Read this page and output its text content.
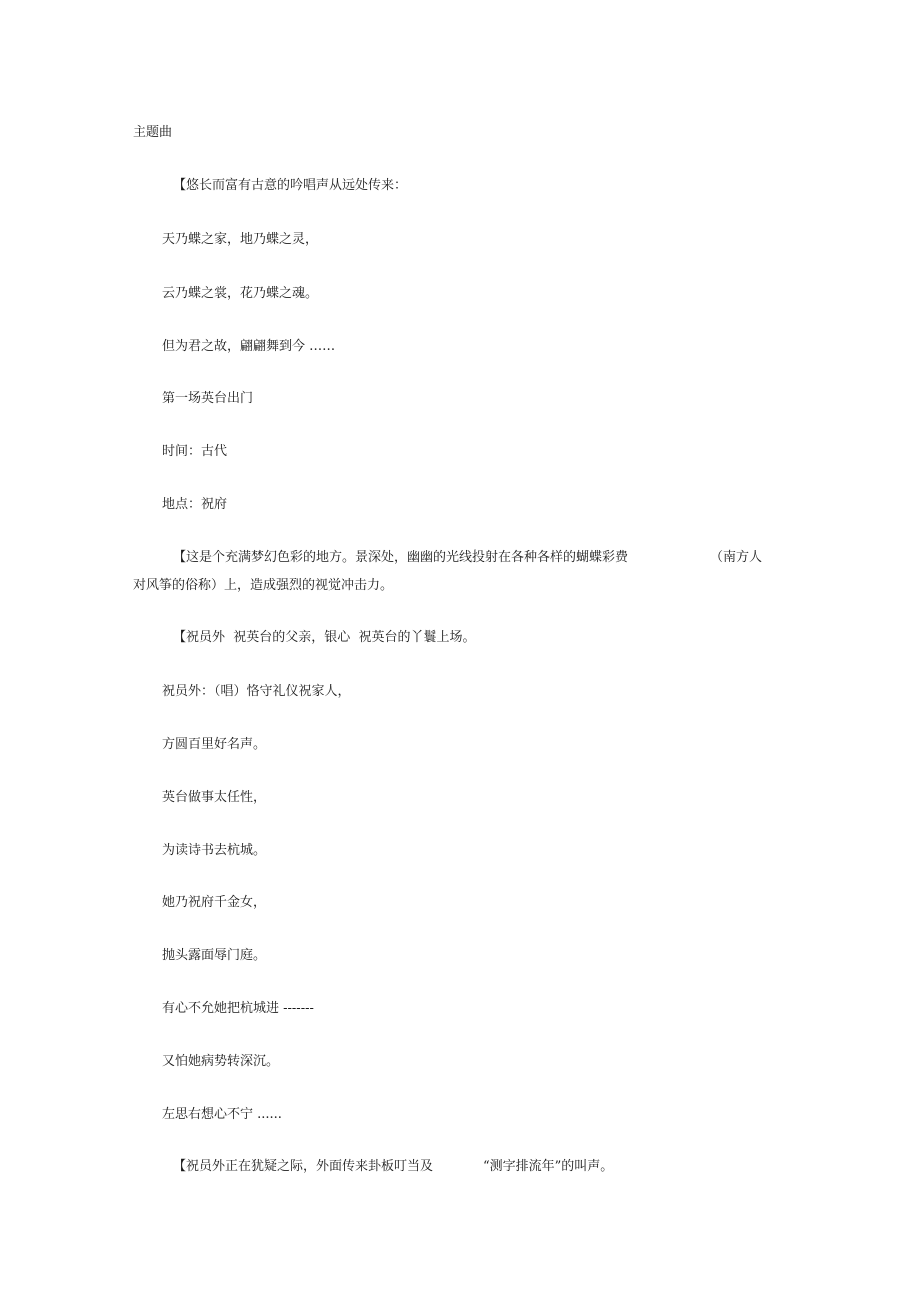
主题曲
【悠长而富有古意的吟唱声从远处传来：
天乃蝶之家，地乃蝶之灵，
云乃蝶之裳，花乃蝶之魂。
但为君之故，翩翩舞到今 ……
第一场英台出门
时间：古代
地点：祝府
【这是个充满梦幻色彩的地方。景深处，幽幽的光线投射在各种各样的蝴蝶彩费	（南方人对风筝的俗称）上，造成强烈的视觉冲击力。
【祝员外  祝英台的父亲，银心  祝英台的丫鬟上场。
祝员外：（唱）恪守礼仪祝家人，
方圆百里好名声。
英台做事太任性，
为读诗书去杭城。
她乃祝府千金女，
抛头露面辱门庭。
有心不允她把杭城进 -------
又怕她病势转深沉。
左思右想心不宁 ......
【祝员外正在犹疑之际，外面传来卦板叮当及	“测字排流年”的叫声。
